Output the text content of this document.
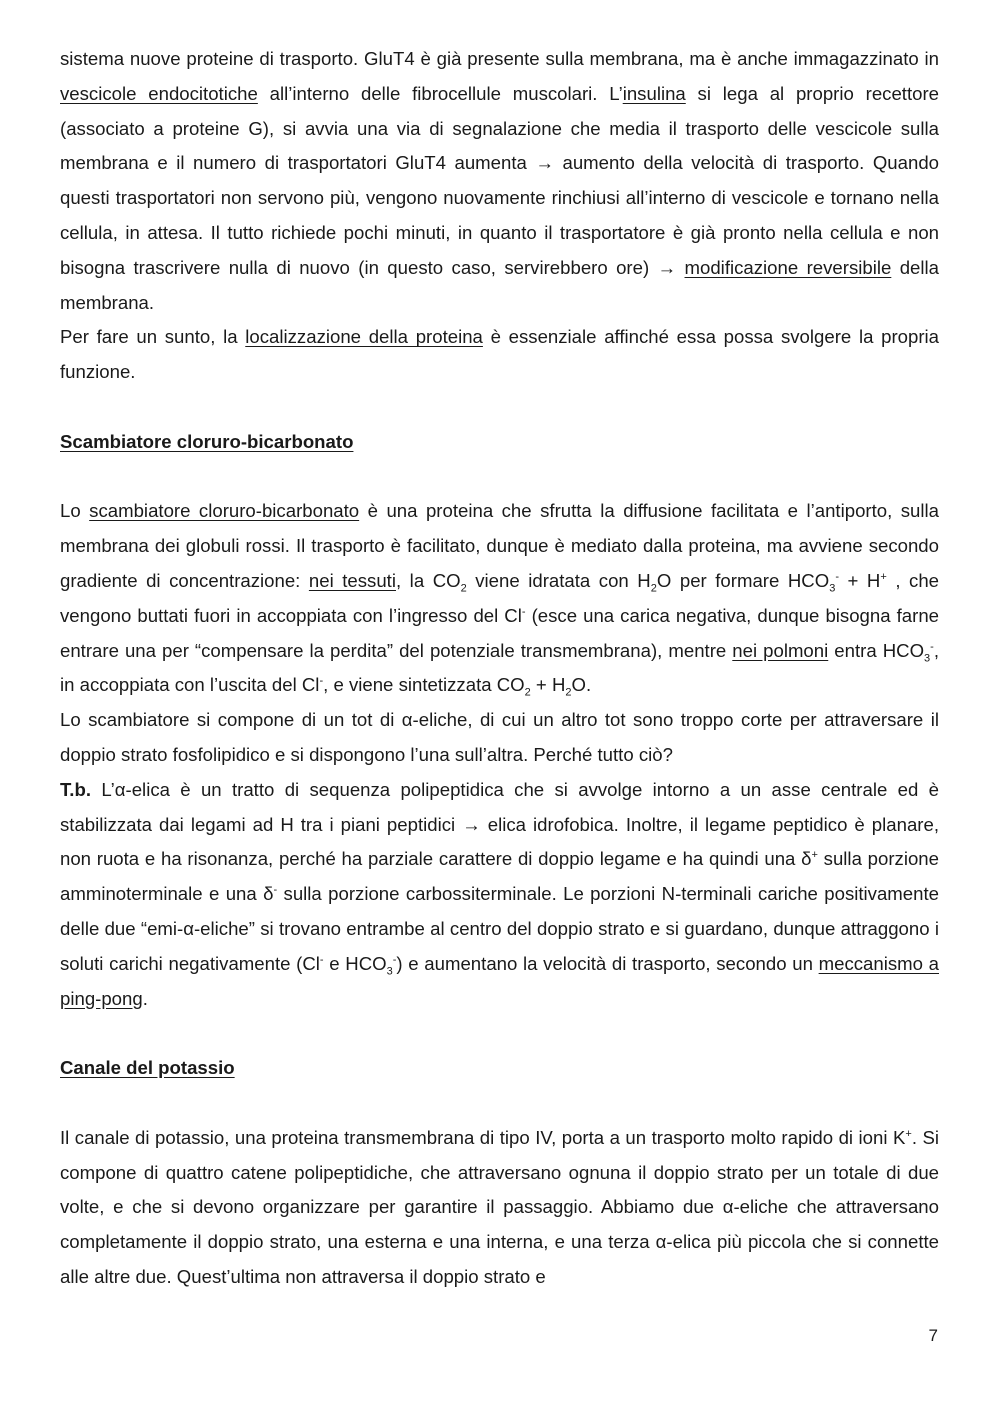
sistema nuove proteine di trasporto. GluT4 è già presente sulla membrana, ma è anche immagazzinato in vescicole endocitotiche all’interno delle fibrocellule muscolari. L’insulina si lega al proprio recettore (associato a proteine G), si avvia una via di segnalazione che media il trasporto delle vescicole sulla membrana e il numero di trasportatori GluT4 aumenta → aumento della velocità di trasporto. Quando questi trasportatori non servono più, vengono nuovamente rinchiusi all’interno di vescicole e tornano nella cellula, in attesa. Il tutto richiede pochi minuti, in quanto il trasportatore è già pronto nella cellula e non bisogna trascrivere nulla di nuovo (in questo caso, servirebbero ore) → modificazione reversibile della membrana.

Per fare un sunto, la localizzazione della proteina è essenziale affinché essa possa svolgere la propria funzione.

Scambiatore cloruro-bicarbonato

Lo scambiatore cloruro-bicarbonato è una proteina che sfrutta la diffusione facilitata e l’antiporto, sulla membrana dei globuli rossi. Il trasporto è facilitato, dunque è mediato dalla proteina, ma avviene secondo gradiente di concentrazione: nei tessuti, la $CO_2$ viene idratata con $H_2O$ per formare $HCO_3^- + H^+$ , che vengono buttati fuori in accoppiata con l’ingresso del Cl- (esce una carica negativa, dunque bisogna farne entrare una per “compensare la perdita” del potenziale transmembrana), mentre nei polmoni entra $HCO_3^-$, in accoppiata con l’uscita del Cl-, e viene sintetizzata $CO_2 + H_2O$.

Lo scambiatore si compone di un tot di α-eliche, di cui un altro tot sono troppo corte per attraversare il doppio strato fosfolipidico e si dispongono l’una sull’altra. Perché tutto ciò?
T.b. L’α-elica è un tratto di sequenza polipeptidica che si avvolge intorno a un asse centrale ed è stabilizzata dai legami ad H tra i piani peptidici → elica idrofobica. Inoltre, il legame peptidico è planare, non ruota e ha risonanza, perché ha parziale carattere di doppio legame e ha quindi una δ+ sulla porzione amminoterminale e una δ- sulla porzione carbossiterminale. Le porzioni N-terminali cariche positivamente delle due “emi-α-eliche” si trovano entrambe al centro del doppio strato e si guardano, dunque attraggono i soluti carichi negativamente (Cl- e $HCO_3^-$) e aumentano la velocità di trasporto, secondo un meccanismo a ping-pong.

Canale del potassio

Il canale di potassio, una proteina transmembrana di tipo IV, porta a un trasporto molto rapido di ioni K+. Si compone di quattro catene polipeptidiche, che attraversano ognuna il doppio strato per un totale di due volte, e che si devono organizzare per garantire il passaggio. Abbiamo due α-eliche che attraversano completamente il doppio strato, una esterna e una interna, e una terza α-elica più piccola che si connette alle altre due. Quest’ultima non attraversa il doppio strato e

7
